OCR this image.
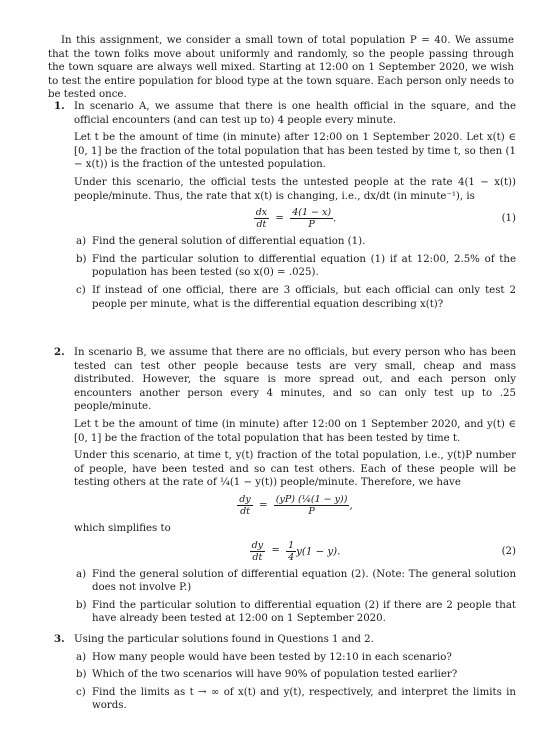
In this assignment, we consider a small town of total population P = 40. We assume that the town folks move about uniformly and randomly, so the people passing through the town square are always well mixed. Starting at 12:00 on 1 September 2020, we wish to test the entire population for blood type at the town square. Each person only needs to be tested once.

1. In scenario A, we assume that there is one health official in the square, and the official encounters (and can test up to) 4 people every minute.

Let t be the amount of time (in minute) after 12:00 on 1 September 2020. Let x(t) ∈ [0, 1] be the fraction of the total population that has been tested by time t, so then (1 − x(t)) is the fraction of the untested population.

Under this scenario, the official tests the untested people at the rate 4(1 − x(t)) people/minute. Thus, the rate that x(t) is changing, i.e., dx/dt (in minute⁻¹), is

$\frac{dx}{dt} = \frac{4(1 - x)}{P}$ .	(1)
a) Find the general solution of differential equation (1).
b) Find the particular solution to differential equation (1) if at 12:00, 2.5% of the population has been tested (so x(0) = .025).
c) If instead of one official, there are 3 officials, but each official can only test 2 people per minute, what is the differential equation describing x(t)?
2. In scenario B, we assume that there are no officials, but every person who has been tested can test other people because tests are very small, cheap and mass distributed. However, the square is more spread out, and each person only encounters another person every 4 minutes, and so can only test up to .25 people/minute.

Let t be the amount of time (in minute) after 12:00 on 1 September 2020, and y(t) ∈ [0, 1] be the fraction of the total population that has been tested by time t.

Under this scenario, at time t, y(t) fraction of the total population, i.e., y(t)P number of people, have been tested and so can test others. Each of these people will be testing others at the rate of ¼(1 − y(t)) people/minute. Therefore, we have

$\frac{dy}{dt} = \frac{\text{(yP) (¼(1 − y))}}{P}$ ,

which simplifies to

$\frac{dy}{dt} = \frac{1}{4} y(1 - y)$.	(2)
a) Find the general solution of differential equation (2). (Note: The general solution does not involve P.)
b) Find the particular solution to differential equation (2) if there are 2 people that have already been tested at 12:00 on 1 September 2020.
3. Using the particular solutions found in Questions 1 and 2.

a) How many people would have been tested by 12:10 in each scenario?
b) Which of the two scenarios will have 90% of population tested earlier?
c) Find the limits as t → ∞ of x(t) and y(t), respectively, and interpret the limits in words.
